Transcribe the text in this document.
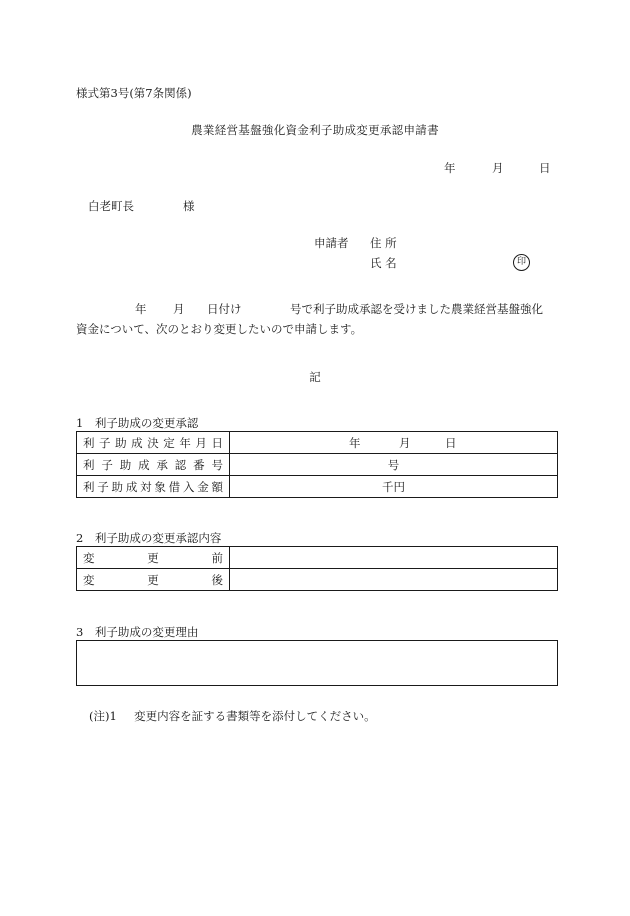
様式第3号(第7条関係)
農業経営基盤強化資金利子助成変更承認申請書
年	月	日
白老町長	様
申請者 住 所
氏 名	印
年 月 日付け	号で利子助成承認を受けました農業経営基盤強化
資金について、次のとおり変更したいので申請します。
記
1　利子助成の変更承認
利子助成決定年月日	年 月 日

利子助成承認番号	号
利子助成対象借入金額	千円
2　利子助成の変更承認内容
変更前	
変更後	
3　利子助成の変更理由
(注)1 変更内容を証する書類等を添付してください。
